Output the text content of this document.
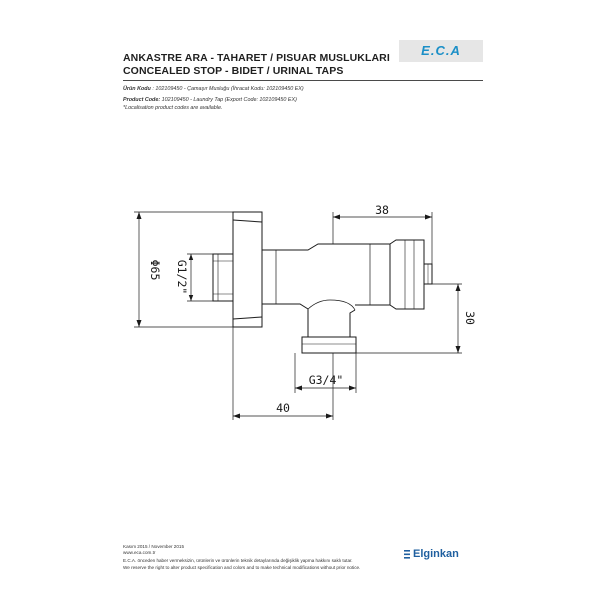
ANKASTRE ARA - TAHARET / PISUAR MUSLUKLARI
CONCEALED STOP - BIDET / URINAL TAPS
Ürün Kodu : 102109450 - Çamaşır Musluğu (İhracat Kodu: 102109450 EX)
Product Code: 102109450 - Laundry Tap (Export Code: 102109450 EX)
*Localisation product codes are available.
E.C.A
Φ65 G1/2"
38
30
G3/4"
40
Kasım 2015 / November 2015
www.eca.com.tr
E.C.A. önceden haber vermeksizin, ürünlerin ve ürünlerin teknik detaylarında değişiklik yapma hakkını saklı tutar.
We reserve the right to alter product specification and colors and to make technical modifications without prior notice.
Elginkan
